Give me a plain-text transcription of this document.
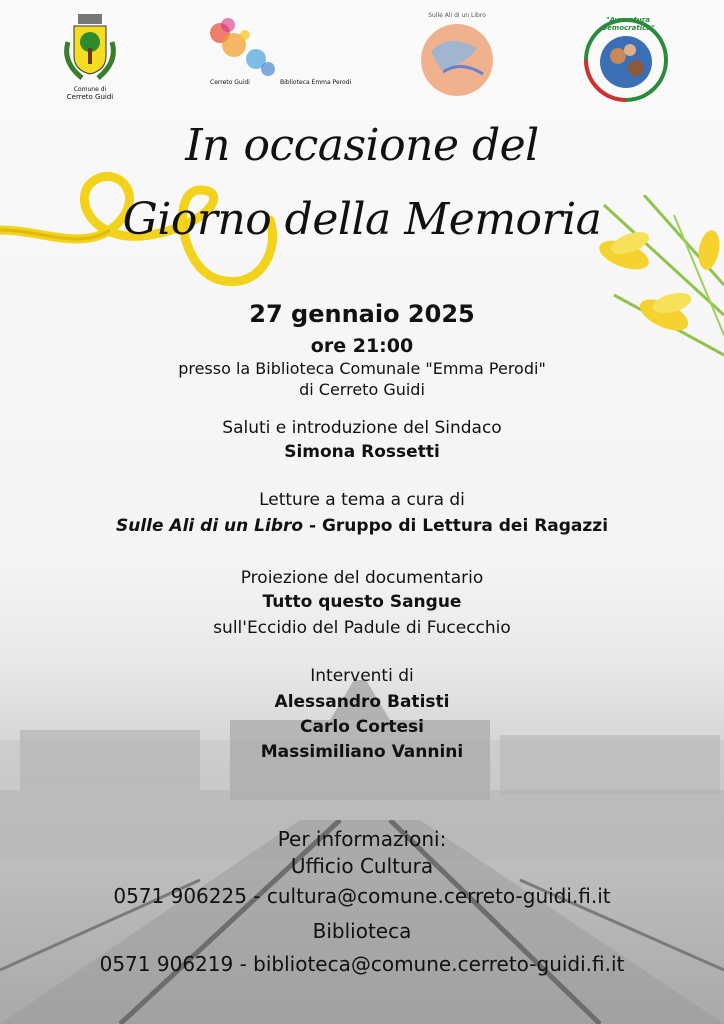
Comune di
Cerreto Guidi
Cerreto Guidi	Biblioteca Emma Perodi
Sulle Ali di un Libro
"Avventura Democratica"
In occasione del
Giorno della Memoria
27 gennaio 2025
ore 21:00
presso la Biblioteca Comunale "Emma Perodi"
di Cerreto Guidi
Saluti e introduzione del Sindaco
Simona Rossetti
Letture a tema a cura di
Sulle Ali di un Libro - Gruppo di Lettura dei Ragazzi
Proiezione del documentario
Tutto questo Sangue
sull'Eccidio del Padule di Fucecchio
Interventi di
Alessandro Batisti
Carlo Cortesi
Massimiliano Vannini
Per informazioni:
Ufficio Cultura
0571 906225 - cultura@comune.cerreto-guidi.fi.it
Biblioteca
0571 906219 - biblioteca@comune.cerreto-guidi.fi.it
